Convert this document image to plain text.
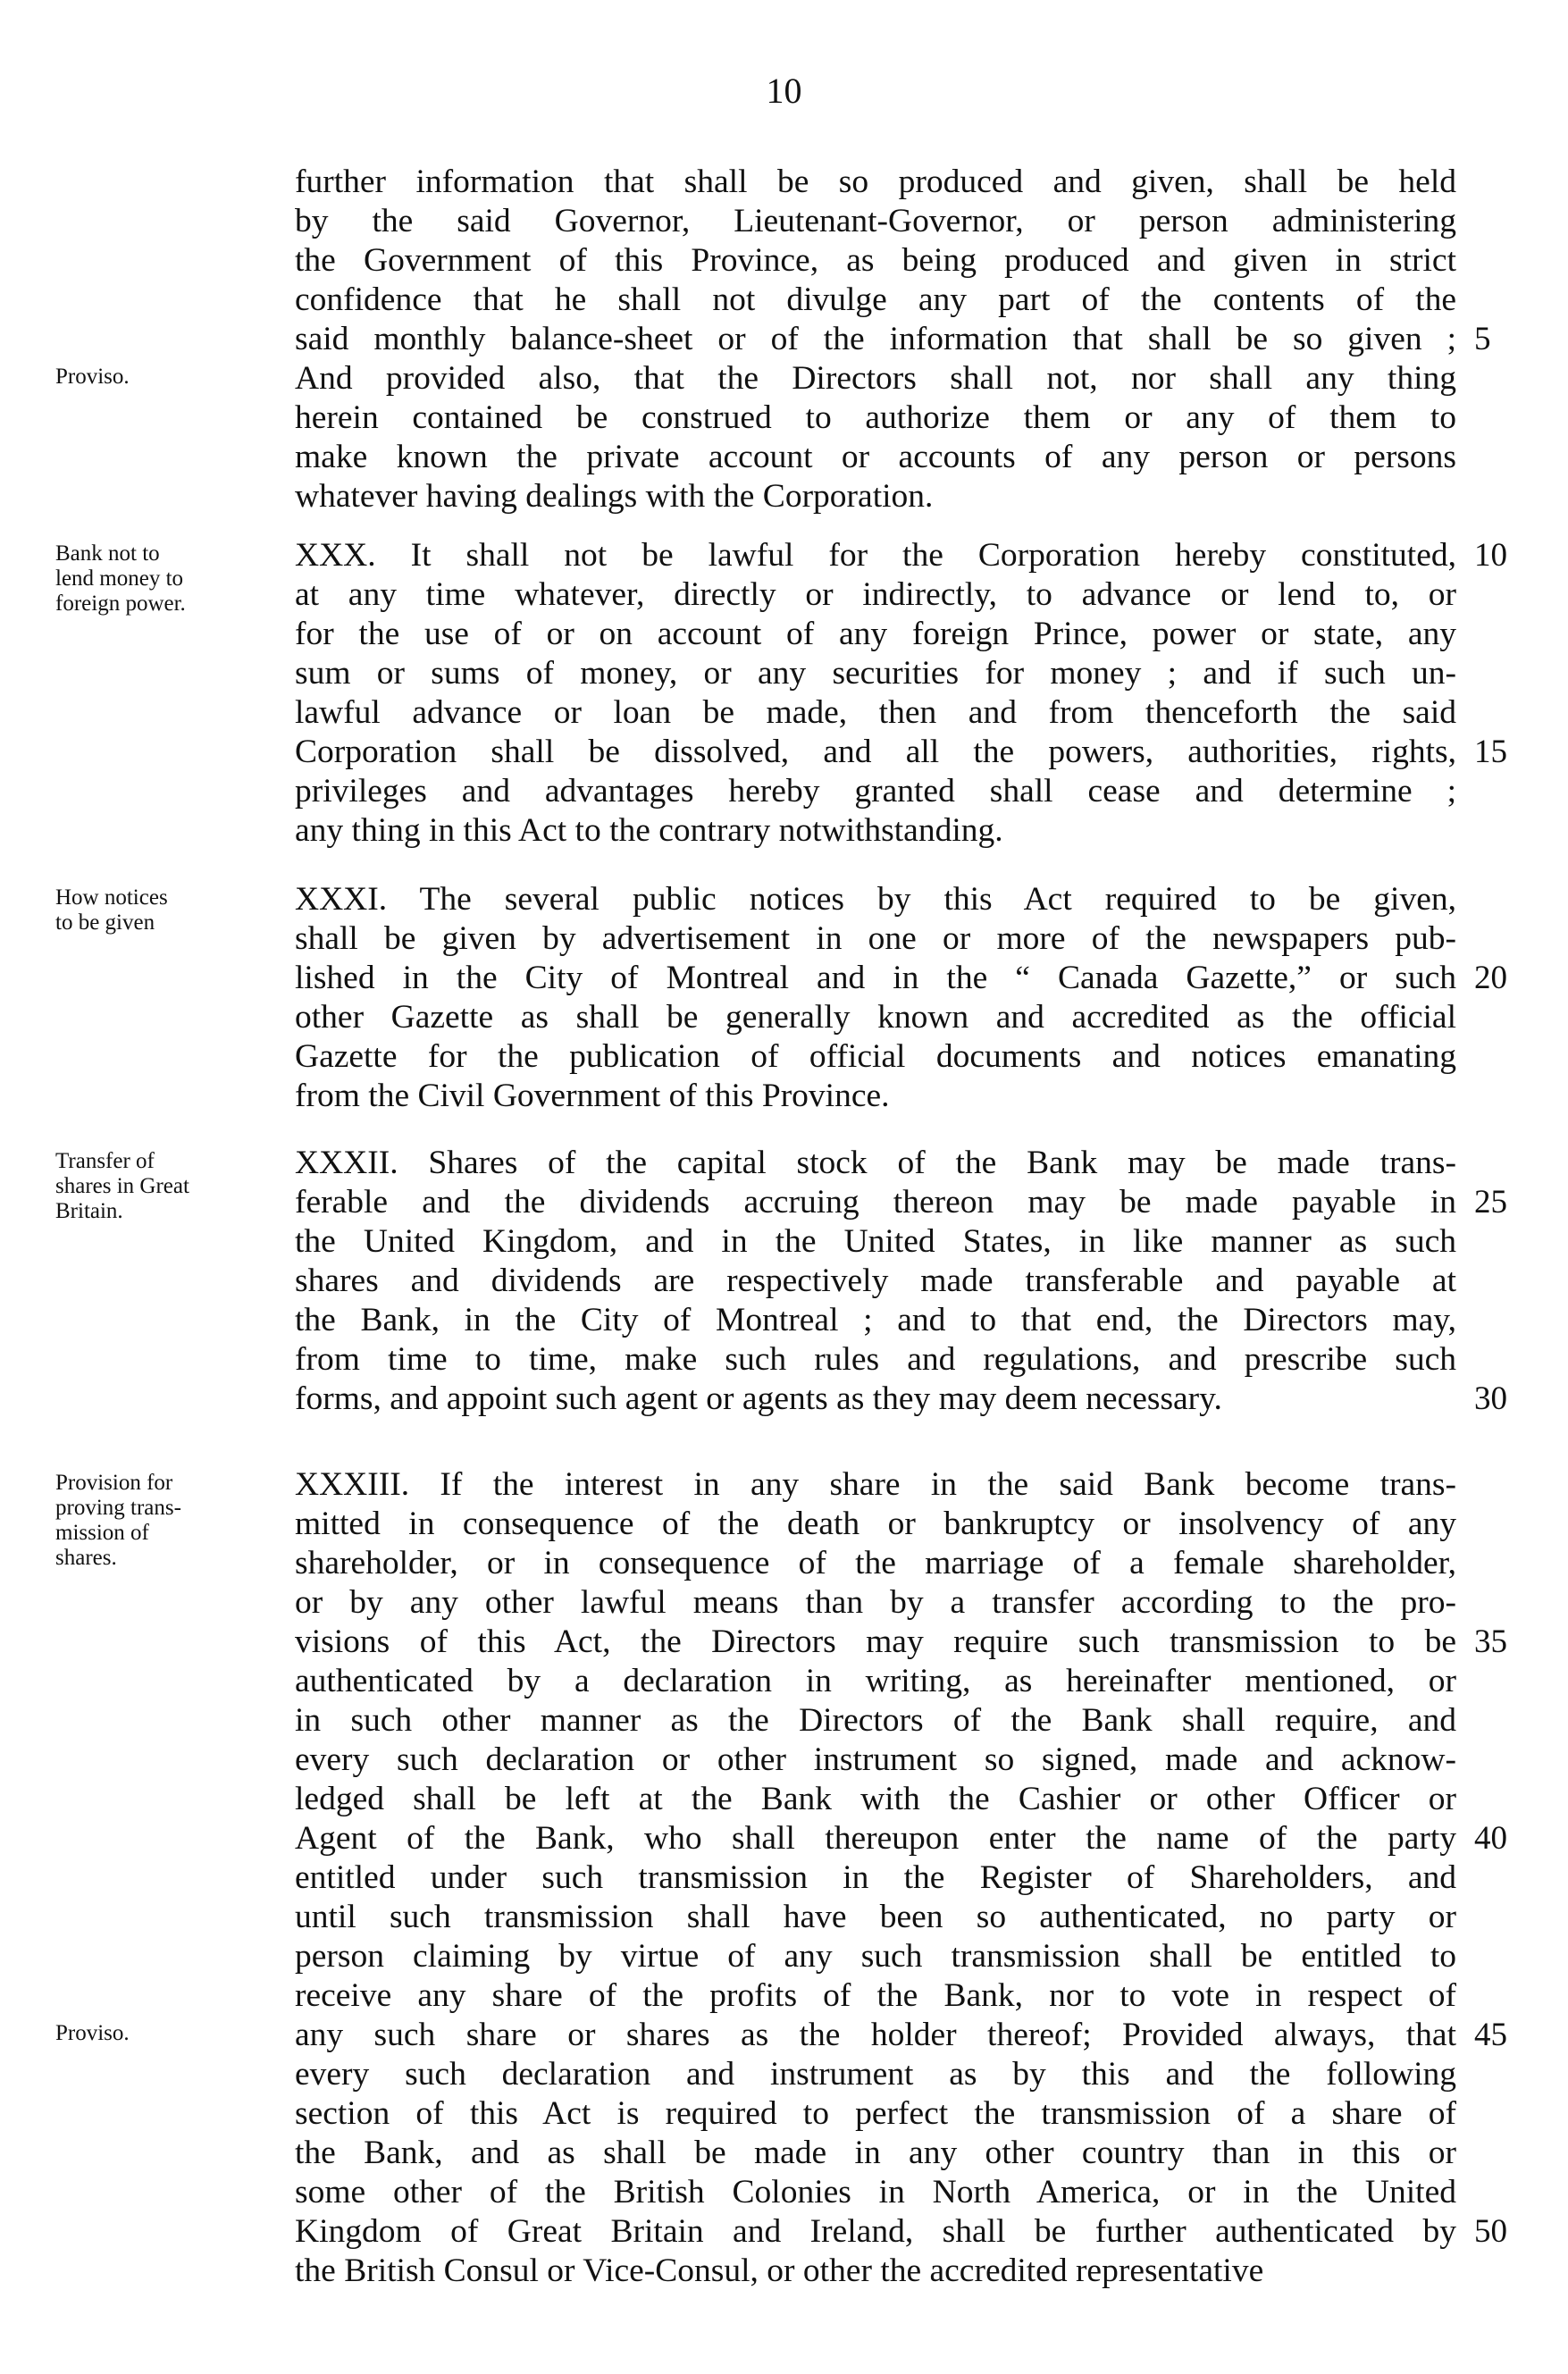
10
further information that shall be so produced and given, shall be held
by the said Governor, Lieutenant-Governor, or person administering
the Government of this Province, as being produced and given in strict
confidence that he shall not divulge any part of the contents of the
said monthly balance-sheet or of the information that shall be so given ; 5
And provided also, that the Directors shall not, nor shall any thing
herein contained be construed to authorize them or any of them to
make known the private account or accounts of any person or persons
whatever having dealings with the Corporation.
Proviso.
XXX. It shall not be lawful for the Corporation hereby constituted, 10
at any time whatever, directly or indirectly, to advance or lend to, or
for the use of or on account of any foreign Prince, power or state, any
sum or sums of money, or any securities for money ; and if such un-
lawful advance or loan be made, then and from thenceforth the said
Corporation shall be dissolved, and all the powers, authorities, rights, 15
privileges and advantages hereby granted shall cease and determine ;
any thing in this Act to the contrary notwithstanding.
Bank not to
lend money to
foreign power.
XXXI. The several public notices by this Act required to be given,
shall be given by advertisement in one or more of the newspapers pub-
lished in the City of Montreal and in the “ Canada Gazette,” or such 20
other Gazette as shall be generally known and accredited as the official
Gazette for the publication of official documents and notices emanating
from the Civil Government of this Province.
How notices
to be given
XXXII. Shares of the capital stock of the Bank may be made trans-
ferable and the dividends accruing thereon may be made payable in 25
the United Kingdom, and in the United States, in like manner as such
shares and dividends are respectively made transferable and payable at
the Bank, in the City of Montreal ; and to that end, the Directors may,
from time to time, make such rules and regulations, and prescribe such
forms, and appoint such agent or agents as they may deem necessary.	30
Transfer of
shares in Great
Britain.
XXXIII. If the interest in any share in the said Bank become trans-
mitted in consequence of the death or bankruptcy or insolvency of any
shareholder, or in consequence of the marriage of a female shareholder,
or by any other lawful means than by a transfer according to the pro-
visions of this Act, the Directors may require such transmission to be 35
authenticated by a declaration in writing, as hereinafter mentioned, or
in such other manner as the Directors of the Bank shall require, and
every such declaration or other instrument so signed, made and acknow-
ledged shall be left at the Bank with the Cashier or other Officer or
Agent of the Bank, who shall thereupon enter the name of the party 40
entitled under such transmission in the Register of Shareholders, and
until such transmission shall have been so authenticated, no party or
person claiming by virtue of any such transmission shall be entitled to
receive any share of the profits of the Bank, nor to vote in respect of
any such share or shares as the holder thereof; Provided always, that 45
every such declaration and instrument as by this and the following
section of this Act is required to perfect the transmission of a share of
the Bank, and as shall be made in any other country than in this or
some other of the British Colonies in North America, or in the United
Kingdom of Great Britain and Ireland, shall be further authenticated by 50
the British Consul or Vice-Consul, or other the accredited representative
Provision for
proving trans-
mission of
shares.
Proviso.
